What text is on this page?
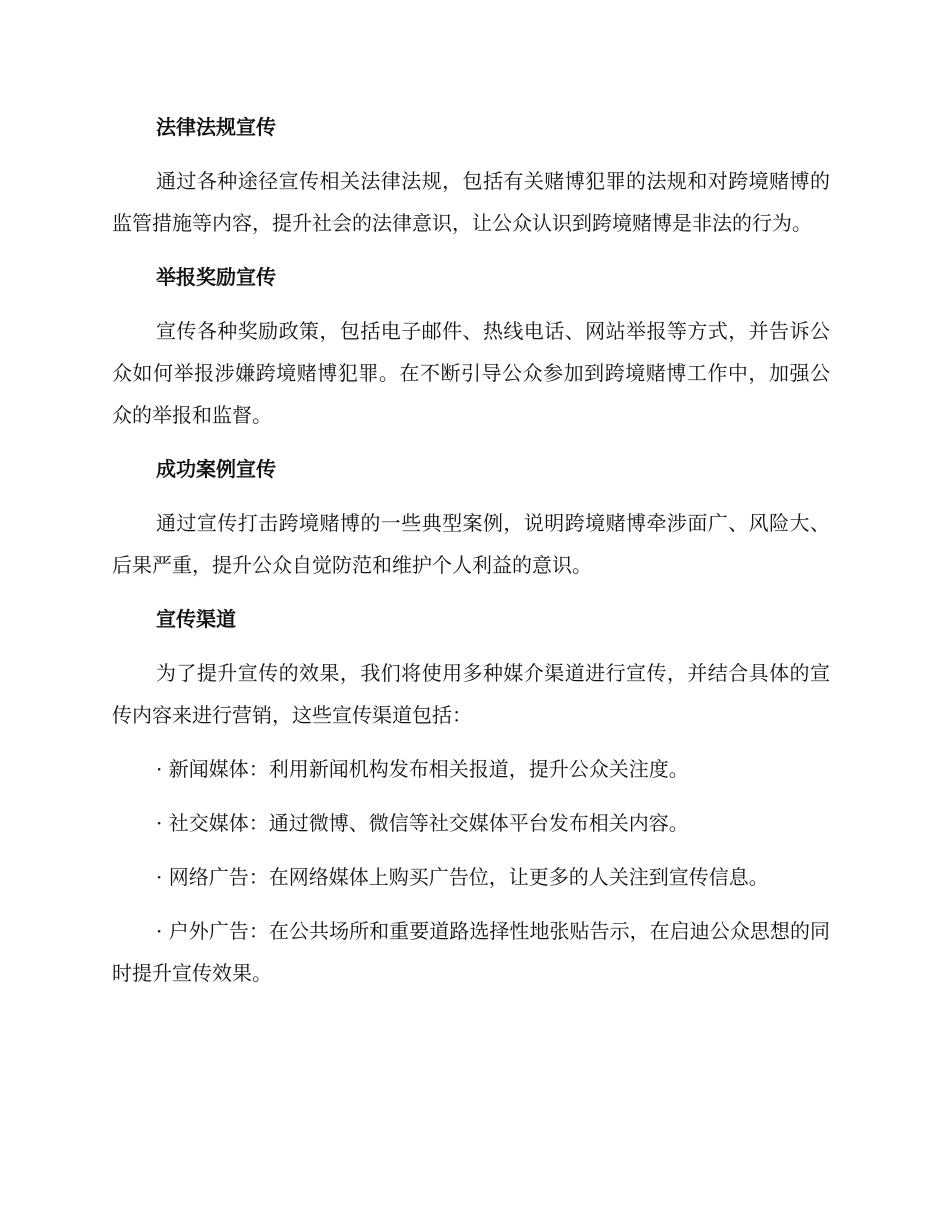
法律法规宣传

通过各种途径宣传相关法律法规，包括有关赌博犯罪的法规和对跨境赌博的监管措施等内容，提升社会的法律意识，让公众认识到跨境赌博是非法的行为。

举报奖励宣传

宣传各种奖励政策，包括电子邮件、热线电话、网站举报等方式，并告诉公众如何举报涉嫌跨境赌博犯罪。在不断引导公众参加到跨境赌博工作中，加强公众的举报和监督。

成功案例宣传

通过宣传打击跨境赌博的一些典型案例，说明跨境赌博牵涉面广、风险大、后果严重，提升公众自觉防范和维护个人利益的意识。

宣传渠道

为了提升宣传的效果，我们将使用多种媒介渠道进行宣传，并结合具体的宣传内容来进行营销，这些宣传渠道包括：

· 新闻媒体：利用新闻机构发布相关报道，提升公众关注度。

· 社交媒体：通过微博、微信等社交媒体平台发布相关内容。

· 网络广告：在网络媒体上购买广告位，让更多的人关注到宣传信息。

· 户外广告：在公共场所和重要道路选择性地张贴告示，在启迪公众思想的同时提升宣传效果。
